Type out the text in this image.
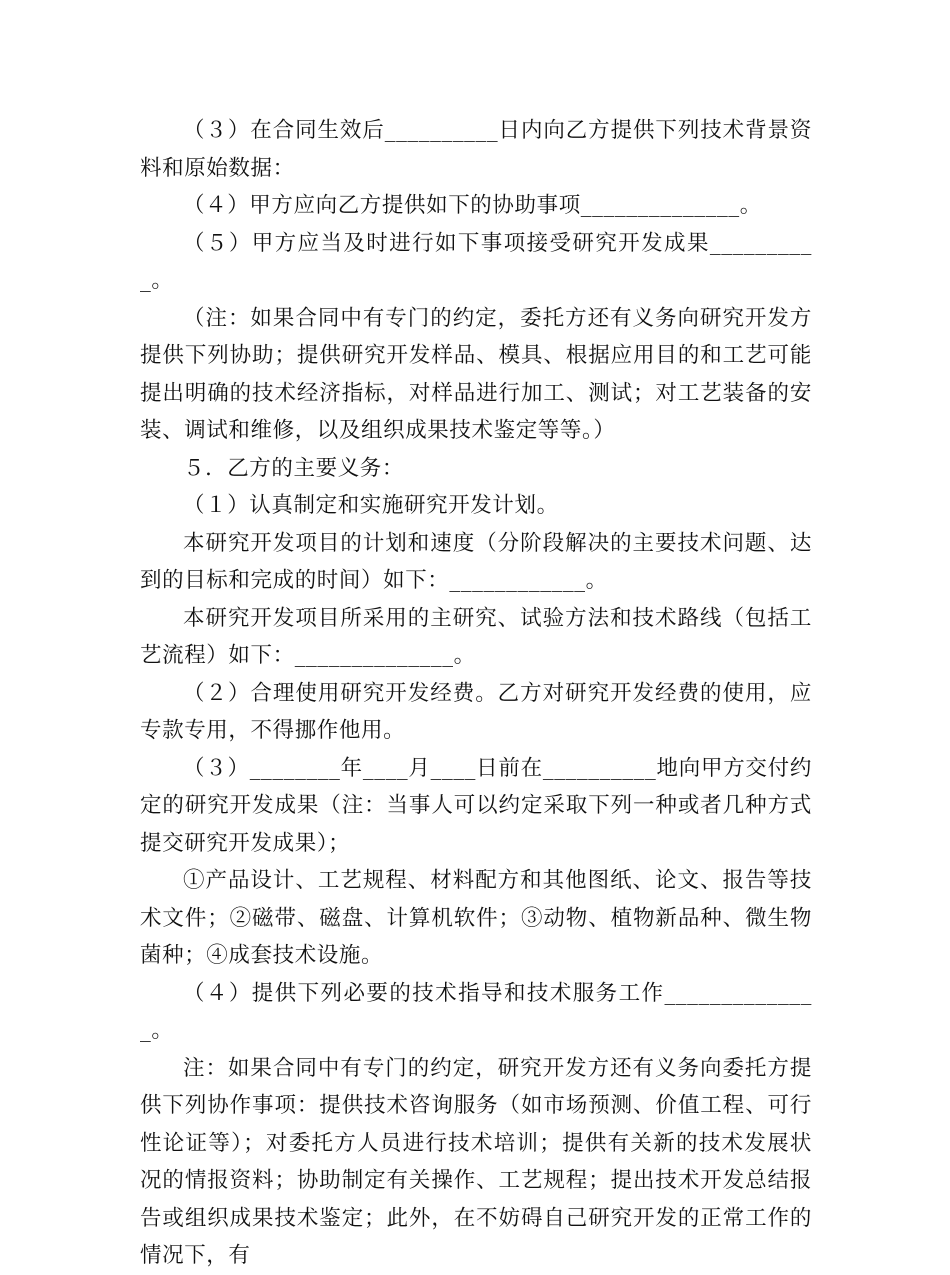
（３）在合同生效后__________日内向乙方提供下列技术背景资料和原始数据：

（４）甲方应向乙方提供如下的协助事项______________。

（５）甲方应当及时进行如下事项接受研究开发成果__________。

（注：如果合同中有专门的约定，委托方还有义务向研究开发方提供下列协助；提供研究开发样品、模具、根据应用目的和工艺可能提出明确的技术经济指标，对样品进行加工、测试；对工艺装备的安装、调试和维修，以及组织成果技术鉴定等等。）

５．乙方的主要义务：

（１）认真制定和实施研究开发计划。

本研究开发项目的计划和速度（分阶段解决的主要技术问题、达到的目标和完成的时间）如下：____________。

本研究开发项目所采用的主研究、试验方法和技术路线（包括工艺流程）如下：______________。

（２）合理使用研究开发经费。乙方对研究开发经费的使用，应专款专用，不得挪作他用。

（３）________年____月____日前在__________地向甲方交付约定的研究开发成果（注：当事人可以约定采取下列一种或者几种方式提交研究开发成果）；

①产品设计、工艺规程、材料配方和其他图纸、论文、报告等技术文件；②磁带、磁盘、计算机软件；③动物、植物新品种、微生物菌种；④成套技术设施。

（４）提供下列必要的技术指导和技术服务工作______________。

注：如果合同中有专门的约定，研究开发方还有义务向委托方提供下列协作事项：提供技术咨询服务（如市场预测、价值工程、可行性论证等）；对委托方人员进行技术培训；提供有关新的技术发展状况的情报资料；协助制定有关操作、工艺规程；提出技术开发总结报告或组织成果技术鉴定；此外，在不妨碍自己研究开发的正常工作的情况下，有
